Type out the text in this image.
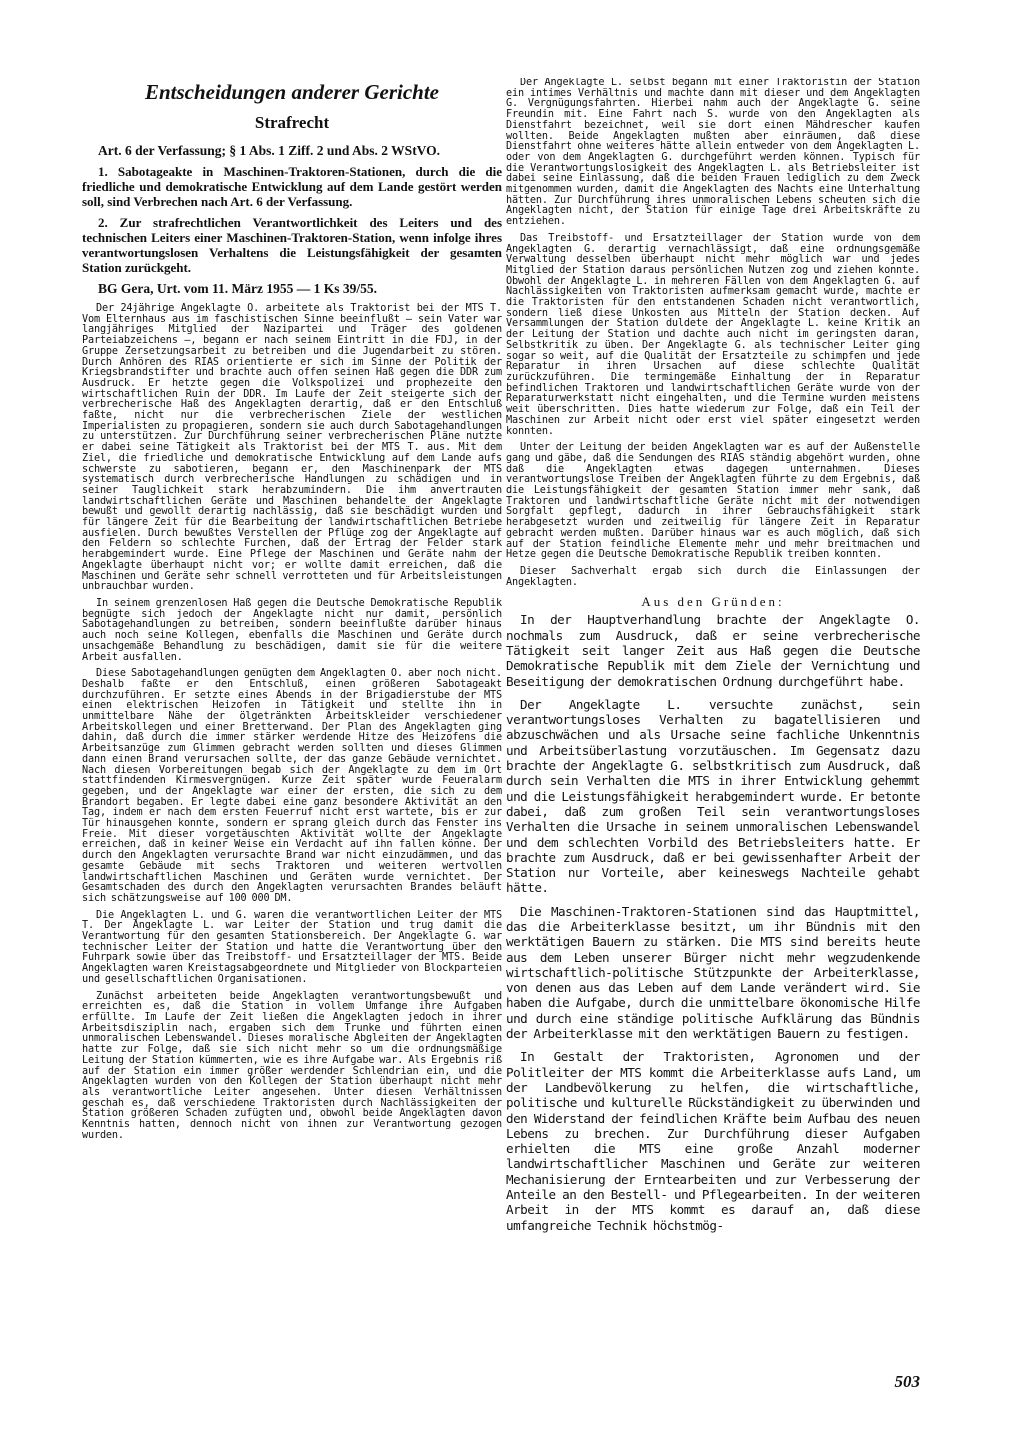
Entscheidungen anderer Gerichte
Strafrecht

Art. 6 der Verfassung; § 1 Abs. 1 Ziff. 2 und Abs. 2 WStVO.

1. Sabotageakte in Maschinen-Traktoren-Stationen, durch die die friedliche und demokratische Entwicklung auf dem Lande gestört werden soll, sind Verbrechen nach Art. 6 der Verfassung.

2. Zur strafrechtlichen Verantwortlichkeit des Leiters und des technischen Leiters einer Maschinen-Traktoren-Station, wenn infolge ihres verantwortungslosen Verhaltens die Leistungsfähigkeit der gesamten Station zurückgeht.

BG Gera, Urt. vom 11. März 1955 — 1 Ks 39/55.

Der 24jährige Angeklagte O. arbeitete als Traktorist bei der MTS T. Vom Elternhaus aus im faschistischen Sinne beeinflußt — sein Vater war langjähriges Mitglied der Nazipartei und Träger des goldenen Parteiabzeichens —, begann er nach seinem Eintritt in die FDJ, in der Gruppe Zersetzungsarbeit zu betreiben und die Jugendarbeit zu stören. Durch Anhören des RIAS orientierte er sich im Sinne der Politik der Kriegsbrandstifter und brachte auch offen seinen Haß gegen die DDR zum Ausdruck. Er hetzte gegen die Volkspolizei und prophezeite den wirtschaftlichen Ruin der DDR. Im Laufe der Zeit steigerte sich der verbrecherische Haß des Angeklagten derartig, daß er den Entschluß faßte, nicht nur die verbrecherischen Ziele der westlichen Imperialisten zu propagieren, sondern sie auch durch Sabotagehandlungen zu unterstützen. Zur Durchführung seiner verbrecherischen Pläne nutzte er dabei seine Tätigkeit als Traktorist bei der MTS T. aus. Mit dem Ziel, die friedliche und demokratische Entwicklung auf dem Lande aufs schwerste zu sabotieren, begann er, den Maschinenpark der MTS systematisch durch verbrecherische Handlungen zu schädigen und in seiner Tauglichkeit stark herabzumindern. Die ihm anvertrauten landwirtschaftlichen Geräte und Maschinen behandelte der Angeklagte bewußt und gewollt derartig nachlässig, daß sie beschädigt wurden und für längere Zeit für die Bearbeitung der landwirtschaftlichen Betriebe ausfielen. Durch bewußtes Verstellen der Pflüge zog der Angeklagte auf den Feldern so schlechte Furchen, daß der Ertrag der Felder stark herabgemindert wurde. Eine Pflege der Maschinen und Geräte nahm der Angeklagte überhaupt nicht vor; er wollte damit erreichen, daß die Maschinen und Geräte sehr schnell verrotteten und für Arbeitsleistungen unbrauchbar wurden.

In seinem grenzenlosen Haß gegen die Deutsche Demokratische Republik begnügte sich jedoch der Angeklagte nicht nur damit, persönlich Sabotagehandlungen zu betreiben, sondern beeinflußte darüber hinaus auch noch seine Kollegen, ebenfalls die Maschinen und Geräte durch unsachgemäße Behandlung zu beschädigen, damit sie für die weitere Arbeit ausfallen.

Diese Sabotagehandlungen genügten dem Angeklagten O. aber noch nicht. Deshalb faßte er den Entschluß, einen größeren Sabotageakt durchzuführen. Er setzte eines Abends in der Brigadierstube der MTS einen elektrischen Heizofen in Tätigkeit und stellte ihn in unmittelbare Nähe der ölgetränkten Arbeitskleider verschiedener Arbeitskollegen und einer Bretterwand. Der Plan des Angeklagten ging dahin, daß durch die immer stärker werdende Hitze des Heizofens die Arbeitsanzüge zum Glimmen gebracht werden sollten und dieses Glimmen dann einen Brand verursachen sollte, der das ganze Gebäude vernichtet. Nach diesen Vorbereitungen begab sich der Angeklagte zu dem im Ort stattfindenden Kirmesvergnügen. Kurze Zeit später wurde Feueralarm gegeben, und der Angeklagte war einer der ersten, die sich zu dem Brandort begaben. Er legte dabei eine ganz besondere Aktivität an den Tag, indem er nach dem ersten Feuerruf nicht erst wartete, bis er zur Tür hinausgehen konnte, sondern er sprang gleich durch das Fenster ins Freie. Mit dieser vorgetäuschten Aktivität wollte der Angeklagte erreichen, daß in keiner Weise ein Verdacht auf ihn fallen könne. Der durch den Angeklagten verursachte Brand war nicht einzudämmen, und das gesamte Gebäude mit sechs Traktoren und weiteren wertvollen landwirtschaftlichen Maschinen und Geräten wurde vernichtet. Der Gesamtschaden des durch den Angeklagten verursachten Brandes beläuft sich schätzungsweise auf 100 000 DM.

Die Angeklagten L. und G. waren die verantwortlichen Leiter der MTS T. Der Angeklagte L. war Leiter der Station und trug damit die Verantwortung für den gesamten Stationsbereich. Der Angeklagte G. war technischer Leiter der Station und hatte die Verantwortung über den Fuhrpark sowie über das Treibstoff- und Ersatzteillager der MTS. Beide Angeklagten waren Kreistagsabgeordnete und Mitglieder von Blockparteien und gesellschaftlichen Organisationen.

Zunächst arbeiteten beide Angeklagten verantwortungsbewußt und erreichten es, daß die Station in vollem Umfange ihre Aufgaben erfüllte. Im Laufe der Zeit ließen die Angeklagten jedoch in ihrer Arbeitsdisziplin nach, ergaben sich dem Trunke und führten einen unmoralischen Lebenswandel. Dieses moralische Abgleiten der Angeklagten hatte zur Folge, daß sie sich nicht mehr so um die ordnungsmäßige Leitung der Station kümmerten, wie es ihre Aufgabe war. Als Ergebnis riß auf der Station ein immer größer werdender Schlendrian ein, und die Angeklagten wurden von den Kollegen der Station überhaupt nicht mehr als verantwortliche Leiter angesehen. Unter diesen Verhältnissen geschah es, daß verschiedene Traktoristen durch Nachlässigkeiten der Station größeren Schaden zufügten und, obwohl beide Angeklagten davon Kenntnis hatten, dennoch nicht von ihnen zur Verantwortung gezogen wurden.

Der Angeklagte L. selbst begann mit einer Traktoristin der Station ein intimes Verhältnis und machte dann mit dieser und dem Angeklagten G. Vergnügungsfahrten. Hierbei nahm auch der Angeklagte G. seine Freundin mit. Eine Fahrt nach S. wurde von den Angeklagten als Dienstfahrt bezeichnet, weil sie dort einen Mähdrescher kaufen wollten. Beide Angeklagten mußten aber einräumen, daß diese Dienstfahrt ohne weiteres hätte allein entweder von dem Angeklagten L. oder von dem Angeklagten G. durchgeführt werden können. Typisch für die Verantwortungslosigkeit des Angeklagten L. als Betriebsleiter ist dabei seine Einlassung, daß die beiden Frauen lediglich zu dem Zweck mitgenommen wurden, damit die Angeklagten des Nachts eine Unterhaltung hätten. Zur Durchführung ihres unmoralischen Lebens scheuten sich die Angeklagten nicht, der Station für einige Tage drei Arbeitskräfte zu entziehen.

Das Treibstoff- und Ersatzteillager der Station wurde von dem Angeklagten G. derartig vernachlässigt, daß eine ordnungsgemäße Verwaltung desselben überhaupt nicht mehr möglich war und jedes Mitglied der Station daraus persönlichen Nutzen zog und ziehen konnte. Obwohl der Angeklagte L. in mehreren Fällen von dem Angeklagten G. auf Nachlässigkeiten von Traktoristen aufmerksam gemacht wurde, machte er die Traktoristen für den entstandenen Schaden nicht verantwortlich, sondern ließ diese Unkosten aus Mitteln der Station decken. Auf Versammlungen der Station duldete der Angeklagte L. keine Kritik an der Leitung der Station und dachte auch nicht im geringsten daran, Selbstkritik zu üben. Der Angeklagte G. als technischer Leiter ging sogar so weit, auf die Qualität der Ersatzteile zu schimpfen und jede Reparatur in ihren Ursachen auf diese schlechte Qualität zurückzuführen. Die termingemäße Einhaltung der in Reparatur befindlichen Traktoren und landwirtschaftlichen Geräte wurde von der Reparaturwerkstatt nicht eingehalten, und die Termine wurden meistens weit überschritten. Dies hatte wiederum zur Folge, daß ein Teil der Maschinen zur Arbeit nicht oder erst viel später eingesetzt werden konnten.

Unter der Leitung der beiden Angeklagten war es auf der Außenstelle gang und gäbe, daß die Sendungen des RIAS ständig abgehört wurden, ohne daß die Angeklagten etwas dagegen unternahmen. Dieses verantwortungslose Treiben der Angeklagten führte zu dem Ergebnis, daß die Leistungsfähigkeit der gesamten Station immer mehr sank, daß Traktoren und landwirtschaftliche Geräte nicht mit der notwendigen Sorgfalt gepflegt, dadurch in ihrer Gebrauchsfähigkeit stark herabgesetzt wurden und zeitweilig für längere Zeit in Reparatur gebracht werden mußten. Darüber hinaus war es auch möglich, daß sich auf der Station feindliche Elemente mehr und mehr breitmachen und Hetze gegen die Deutsche Demokratische Republik treiben konnten.

Dieser Sachverhalt ergab sich durch die Einlassungen der Angeklagten.

Aus den Gründen:

In der Hauptverhandlung brachte der Angeklagte O. nochmals zum Ausdruck, daß er seine verbrecherische Tätigkeit seit langer Zeit aus Haß gegen die Deutsche Demokratische Republik mit dem Ziele der Vernichtung und Beseitigung der demokratischen Ordnung durchgeführt habe.

Der Angeklagte L. versuchte zunächst, sein verantwortungsloses Verhalten zu bagatellisieren und abzuschwächen und als Ursache seine fachliche Unkenntnis und Arbeitsüberlastung vorzutäuschen. Im Gegensatz dazu brachte der Angeklagte G. selbstkritisch zum Ausdruck, daß durch sein Verhalten die MTS in ihrer Entwicklung gehemmt und die Leistungsfähigkeit herabgemindert wurde. Er betonte dabei, daß zum großen Teil sein verantwortungsloses Verhalten die Ursache in seinem unmoralischen Lebenswandel und dem schlechten Vorbild des Betriebsleiters hatte. Er brachte zum Ausdruck, daß er bei gewissenhafter Arbeit der Station nur Vorteile, aber keineswegs Nachteile gehabt hätte.

Die Maschinen-Traktoren-Stationen sind das Hauptmittel, das die Arbeiterklasse besitzt, um ihr Bündnis mit den werktätigen Bauern zu stärken. Die MTS sind bereits heute aus dem Leben unserer Bürger nicht mehr wegzudenkende wirtschaftlich-politische Stützpunkte der Arbeiterklasse, von denen aus das Leben auf dem Lande verändert wird. Sie haben die Aufgabe, durch die unmittelbare ökonomische Hilfe und durch eine ständige politische Aufklärung das Bündnis der Arbeiterklasse mit den werktätigen Bauern zu festigen.

In Gestalt der Traktoristen, Agronomen und der Politleiter der MTS kommt die Arbeiterklasse aufs Land, um der Landbevölkerung zu helfen, die wirtschaftliche, politische und kulturelle Rückständigkeit zu überwinden und den Widerstand der feindlichen Kräfte beim Aufbau des neuen Lebens zu brechen. Zur Durchführung dieser Aufgaben erhielten die MTS eine große Anzahl moderner landwirtschaftlicher Maschinen und Geräte zur weiteren Mechanisierung der Erntearbeiten und zur Verbesserung der Anteile an den Bestell- und Pflegearbeiten. In der weiteren Arbeit in der MTS kommt es darauf an, daß diese umfangreiche Technik höchstmög-

503
